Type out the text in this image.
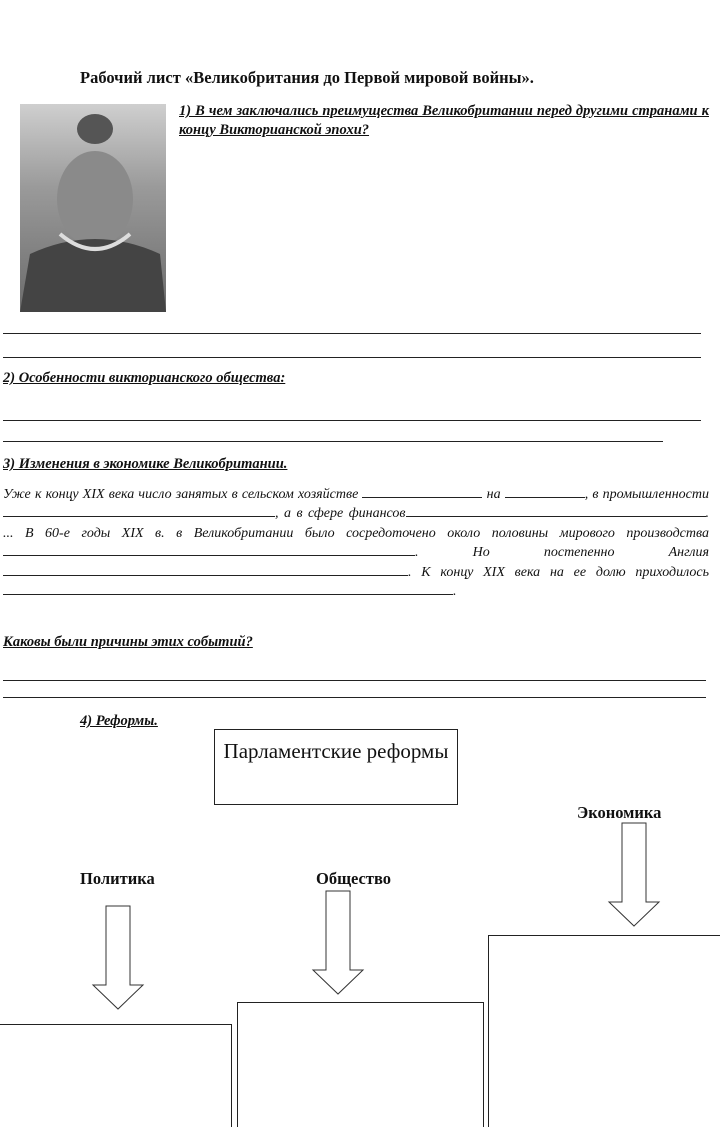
Рабочий лист «Великобритания до Первой мировой войны».
1) В чем заключались преимущества Великобритании перед другими странами к концу Викторианской эпохи?
2) Особенности викторианского общества:
3) Изменения в экономике Великобритании.
Уже к концу XIX века число занятых в сельском хозяйстве	на	, в промышленности, а в сфере финансов	. ... В 60-е годы XIX в. в Великобритании было сосредоточено около половины мирового производства . Но постепенно Англия . К концу XIX века на ее долю приходилось .
Каковы были причины этих событий?
4) Реформы.
Парламентские реформы
Экономика
Политика	Общество
